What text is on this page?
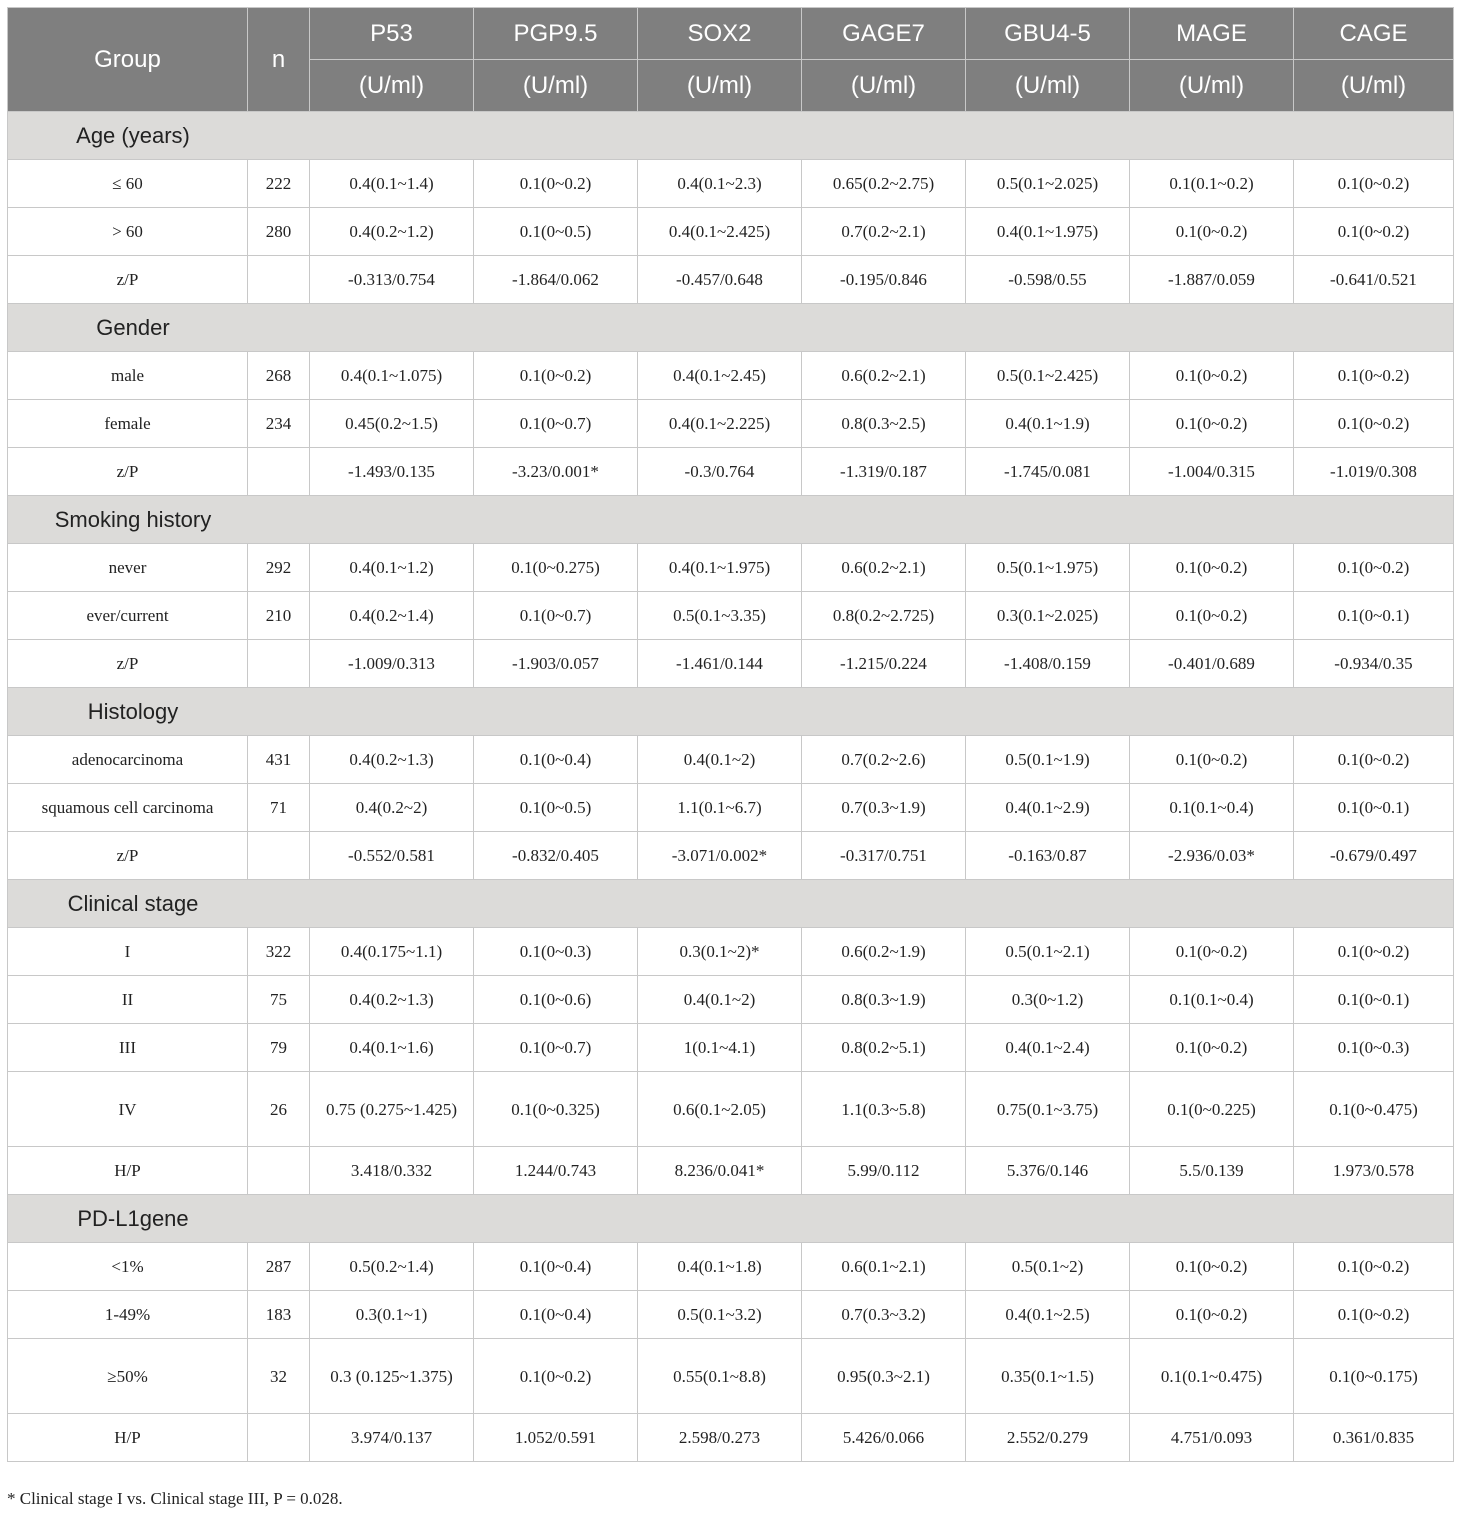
Group	n	P53	PGP9.5	SOX2	GAGE7	GBU4-5	MAGE	CAGE
		(U/ml)	(U/ml)	(U/ml)	(U/ml)	(U/ml)	(U/ml)	(U/ml)
Age (years)								
≤ 60	222	0.4(0.1~1.4)	0.1(0~0.2)	0.4(0.1~2.3)	0.65(0.2~2.75)	0.5(0.1~2.025)	0.1(0.1~0.2)	0.1(0~0.2)
> 60	280	0.4(0.2~1.2)	0.1(0~0.5)	0.4(0.1~2.425)	0.7(0.2~2.1)	0.4(0.1~1.975)	0.1(0~0.2)	0.1(0~0.2)
z/P		-0.313/0.754	-1.864/0.062	-0.457/0.648	-0.195/0.846	-0.598/0.55	-1.887/0.059	-0.641/0.521
Gender								
male	268	0.4(0.1~1.075)	0.1(0~0.2)	0.4(0.1~2.45)	0.6(0.2~2.1)	0.5(0.1~2.425)	0.1(0~0.2)	0.1(0~0.2)
female	234	0.45(0.2~1.5)	0.1(0~0.7)	0.4(0.1~2.225)	0.8(0.3~2.5)	0.4(0.1~1.9)	0.1(0~0.2)	0.1(0~0.2)
z/P		-1.493/0.135	-3.23/0.001*	-0.3/0.764	-1.319/0.187	-1.745/0.081	-1.004/0.315	-1.019/0.308
Smoking history								
never	292	0.4(0.1~1.2)	0.1(0~0.275)	0.4(0.1~1.975)	0.6(0.2~2.1)	0.5(0.1~1.975)	0.1(0~0.2)	0.1(0~0.2)
ever/current	210	0.4(0.2~1.4)	0.1(0~0.7)	0.5(0.1~3.35)	0.8(0.2~2.725)	0.3(0.1~2.025)	0.1(0~0.2)	0.1(0~0.1)
z/P		-1.009/0.313	-1.903/0.057	-1.461/0.144	-1.215/0.224	-1.408/0.159	-0.401/0.689	-0.934/0.35
Histology								
adenocarcinoma	431	0.4(0.2~1.3)	0.1(0~0.4)	0.4(0.1~2)	0.7(0.2~2.6)	0.5(0.1~1.9)	0.1(0~0.2)	0.1(0~0.2)
squamous cell carcinoma	71	0.4(0.2~2)	0.1(0~0.5)	1.1(0.1~6.7)	0.7(0.3~1.9)	0.4(0.1~2.9)	0.1(0.1~0.4)	0.1(0~0.1)
z/P		-0.552/0.581	-0.832/0.405	-3.071/0.002*	-0.317/0.751	-0.163/0.87	-2.936/0.03*	-0.679/0.497
Clinical stage								
I	322	0.4(0.175~1.1)	0.1(0~0.3)	0.3(0.1~2)*	0.6(0.2~1.9)	0.5(0.1~2.1)	0.1(0~0.2)	0.1(0~0.2)
II	75	0.4(0.2~1.3)	0.1(0~0.6)	0.4(0.1~2)	0.8(0.3~1.9)	0.3(0~1.2)	0.1(0.1~0.4)	0.1(0~0.1)
III	79	0.4(0.1~1.6)	0.1(0~0.7)	1(0.1~4.1)	0.8(0.2~5.1)	0.4(0.1~2.4)	0.1(0~0.2)	0.1(0~0.3)
IV	26	0.75 (0.275~1.425)	0.1(0~0.325)	0.6(0.1~2.05)	1.1(0.3~5.8)	0.75(0.1~3.75)	0.1(0~0.225)	0.1(0~0.475)
H/P		3.418/0.332	1.244/0.743	8.236/0.041*	5.99/0.112	5.376/0.146	5.5/0.139	1.973/0.578
PD-L1gene								
<1%	287	0.5(0.2~1.4)	0.1(0~0.4)	0.4(0.1~1.8)	0.6(0.1~2.1)	0.5(0.1~2)	0.1(0~0.2)	0.1(0~0.2)
1-49%	183	0.3(0.1~1)	0.1(0~0.4)	0.5(0.1~3.2)	0.7(0.3~3.2)	0.4(0.1~2.5)	0.1(0~0.2)	0.1(0~0.2)
≥50%	32	0.3 (0.125~1.375)	0.1(0~0.2)	0.55(0.1~8.8)	0.95(0.3~2.1)	0.35(0.1~1.5)	0.1(0.1~0.475)	0.1(0~0.175)
H/P		3.974/0.137	1.052/0.591	2.598/0.273	5.426/0.066	2.552/0.279	4.751/0.093	0.361/0.835
* Clinical stage I vs. Clinical stage III, P = 0.028.
